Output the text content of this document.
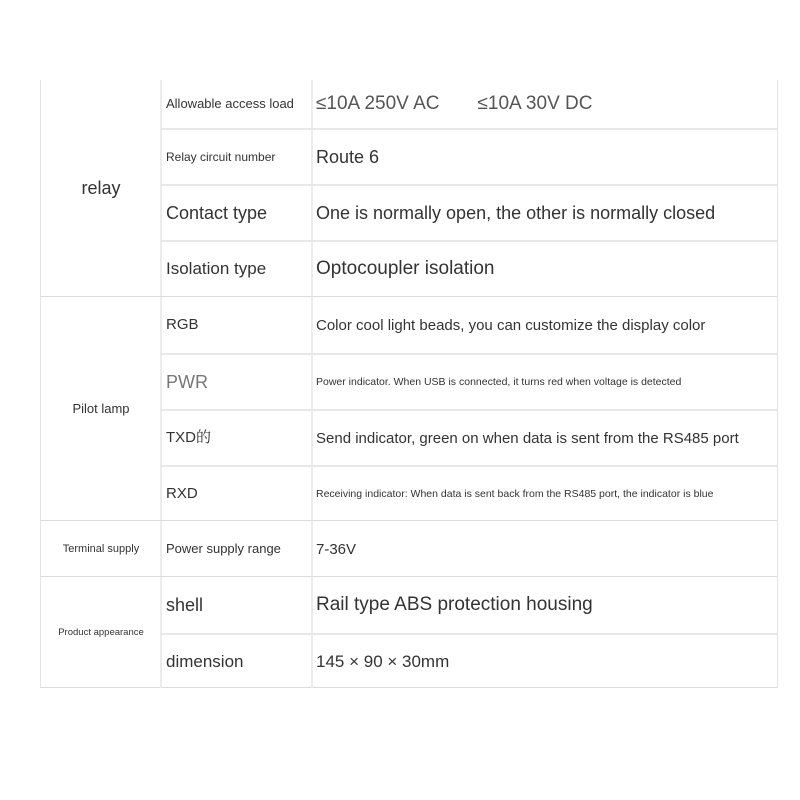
relay
Allowable access load	≤10A 250V AC ≤10A 30V DC
Relay circuit number	Route 6
Contact type	One is normally open, the other is normally closed
Isolation type	Optocoupler isolation
Pilot lamp
RGB	Color cool light beads, you can customize the display color
PWR	Power indicator. When USB is connected, it turns red when voltage is detected
TXD的	Send indicator, green on when data is sent from the RS485 port
RXD	Receiving indicator: When data is sent back from the RS485 port, the indicator is blue
Terminal supply	Power supply range	7-36V
Product appearance
shell	Rail type ABS protection housing
dimension	145 × 90 × 30mm
